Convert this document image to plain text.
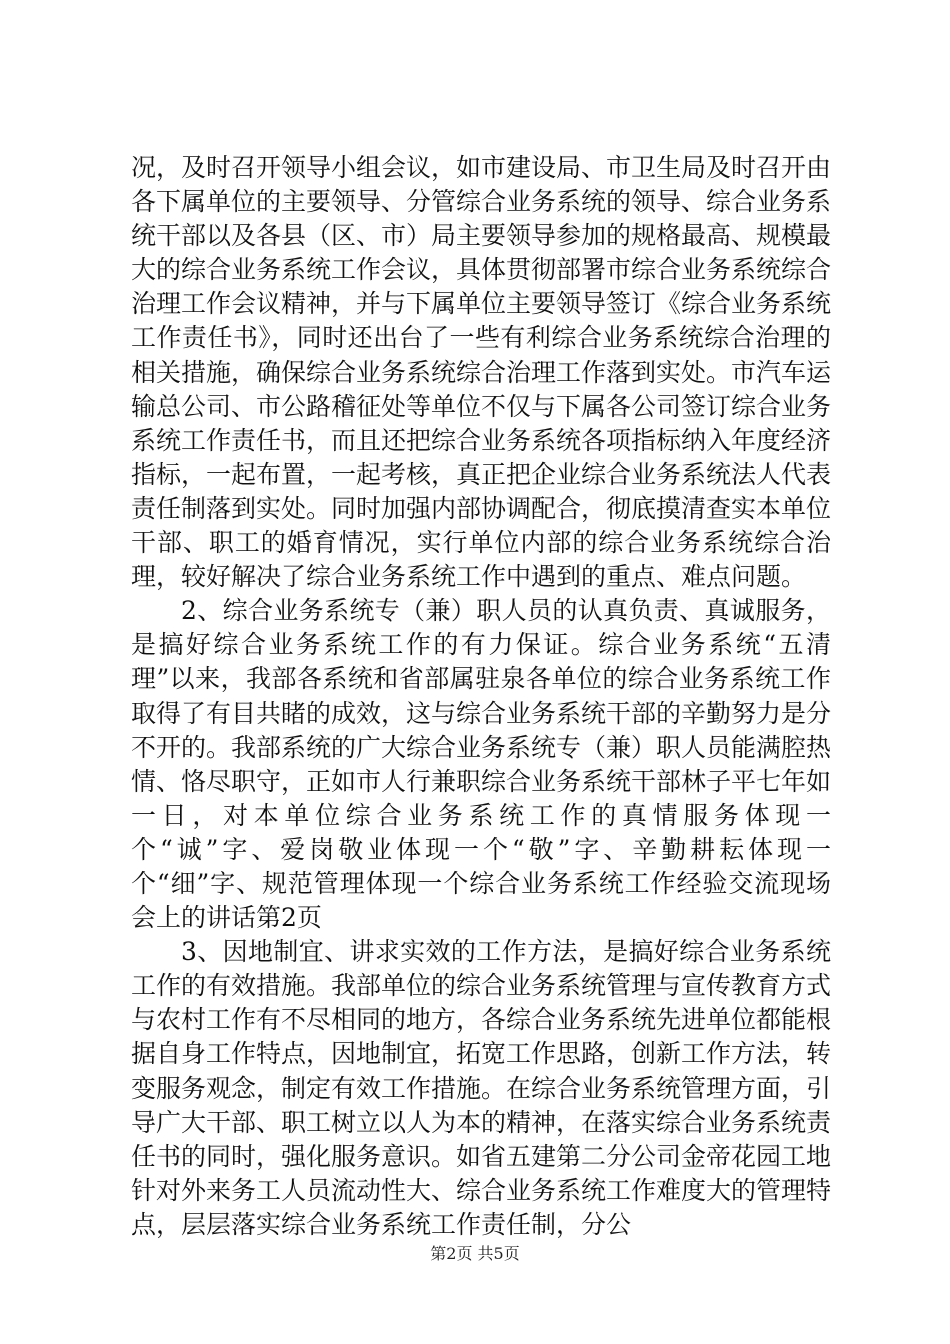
况，及时召开领导小组会议，如市建设局、市卫生局及时召开由各下属单位的主要领导、分管综合业务系统的领导、综合业务系统干部以及各县（区、市）局主要领导参加的规格最高、规模最大的综合业务系统工作会议，具体贯彻部署市综合业务系统综合治理工作会议精神，并与下属单位主要领导签订《综合业务系统工作责任书》，同时还出台了一些有利综合业务系统综合治理的相关措施，确保综合业务系统综合治理工作落到实处。市汽车运输总公司、市公路稽征处等单位不仅与下属各公司签订综合业务系统工作责任书，而且还把综合业务系统各项指标纳入年度经济指标，一起布置，一起考核，真正把企业综合业务系统法人代表责任制落到实处。同时加强内部协调配合，彻底摸清查实本单位干部、职工的婚育情况，实行单位内部的综合业务系统综合治理，较好解决了综合业务系统工作中遇到的重点、难点问题。

2、综合业务系统专（兼）职人员的认真负责、真诚服务，是搞好综合业务系统工作的有力保证。综合业务系统“五清理”以来，我部各系统和省部属驻泉各单位的综合业务系统工作取得了有目共睹的成效，这与综合业务系统干部的辛勤努力是分不开的。我部系统的广大综合业务系统专（兼）职人员能满腔热情、恪尽职守，正如市人行兼职综合业务系统干部林子平七年如一日，对本单位综合业务系统工作的真情服务体现一个“诚”字、爱岗敬业体现一个“敬”字、辛勤耕耘体现一个“细”字、规范管理体现一个综合业务系统工作经验交流现场会上的讲话第2页

3、因地制宜、讲求实效的工作方法，是搞好综合业务系统工作的有效措施。我部单位的综合业务系统管理与宣传教育方式与农村工作有不尽相同的地方，各综合业务系统先进单位都能根据自身工作特点，因地制宜，拓宽工作思路，创新工作方法，转变服务观念，制定有效工作措施。在综合业务系统管理方面，引导广大干部、职工树立以人为本的精神，在落实综合业务系统责任书的同时，强化服务意识。如省五建第二分公司金帝花园工地针对外来务工人员流动性大、综合业务系统工作难度大的管理特点，层层落实综合业务系统工作责任制，分公

第2页 共5页
